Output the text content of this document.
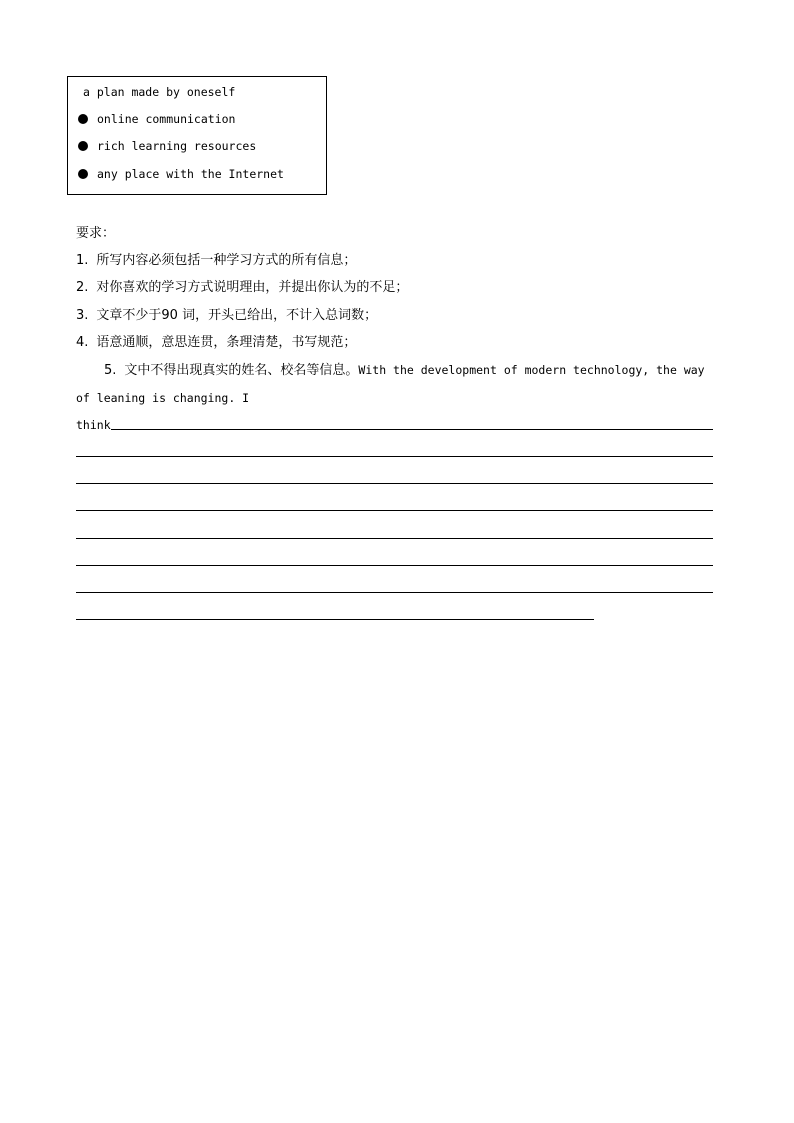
a plan made by oneself
online communication
rich learning resources
any place with the Internet
要求：
1. 所写内容必须包括一种学习方式的所有信息；
2. 对你喜欢的学习方式说明理由，并提出你认为的不足；
3. 文章不少于90 词，开头已给出，不计入总词数；
4. 语意通顺，意思连贯，条理清楚，书写规范；
5. 文中不得出现真实的姓名、校名等信息。With the development of modern technology, the way
of leaning is changing. I
think
